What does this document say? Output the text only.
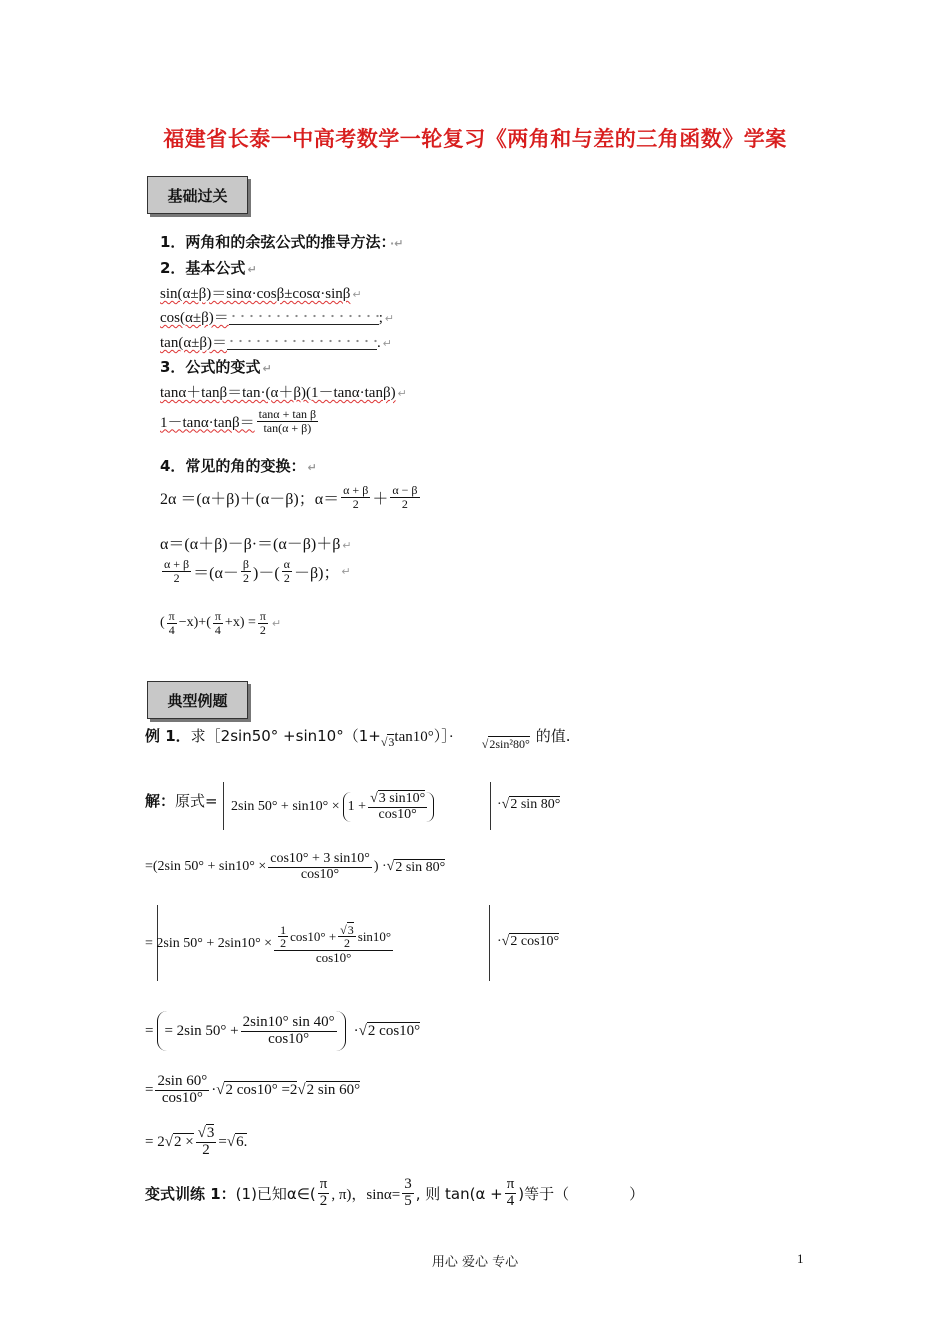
福建省长泰一中高考数学一轮复习《两角和与差的三角函数》学案
基础过关
1．两角和的余弦公式的推导方法： ·↵
2．基本公式 ↵
sin(α±β)＝sinα·cosβ±cosα·sinβ ↵
cos(α±β)＝	; ↵
tan(α±β)＝	. ↵
3．公式的变式 ↵
tanα＋tanβ＝tan·(α＋β)(1－tanα·tanβ) ↵
$1-\tan\alpha\cdot\tan\beta= \frac{\text{tanα + tan β}}{\tan(\alpha + \beta)}$
4．常见的角的变换： ↵
2α ＝(α＋β)＋(α－β)；$\alpha= \frac{\alpha + \beta}{2} + \frac{\alpha - \beta}{2}$
α＝(α＋β)－β·＝(α－β)＋β ↵
$\frac{\alpha + \beta}{2} =(\alpha- \frac{\beta}{2}$ )－( $\frac{\alpha}{2} -\beta$)； ↵
( $\frac{\pi}{4} -x)+( \frac{\pi}{4} +x) = \frac{\pi}{2}$ ↵
典型例题
例 1． 求［2sin50° +sin10°（1+ √3 tan10°）］· √2sin²80° 的值.
解：原式= 2sin $50^\circ + \sin 10^\circ \times 1 + \frac{√3 \sin 10^\circ}{\cos 10^\circ}$	·√2 sin 80°
=(2sin $50^\circ + \sin 10^\circ \times \frac{\cos 10^\circ + 3 \sin 10^\circ}{\cos 10^\circ}$ ) · √ 2 sin 80°
= 2sin $50^\circ + 2\sin 10^\circ \times \frac{\frac{1}{2} \cos 10^\circ + \frac{√3}{2} \sin 10^\circ}{\cos 10^\circ}$	·√2 cos10°
= = 2sin $50^\circ + \frac{2\sin 10^\circ \sin 40^\circ}{\cos 10^\circ}$ · √ 2 cos10°
= $\frac{2\sin 60^\circ}{\cos 10^\circ}$ · √ 2 cos10° =2 √ 2 sin 60°
= 2 √ $2 \times \frac{√3}{2}$ = √ 6.
变式训练 1： (1)已知α∈( $\frac{\pi}{2}$ , π)，$\sin\alpha= \frac{3}{5}$ , 则 $\tan(\alpha + \frac{\pi}{4}$ )等于（　　　　）
用心 爱心 专心	1
